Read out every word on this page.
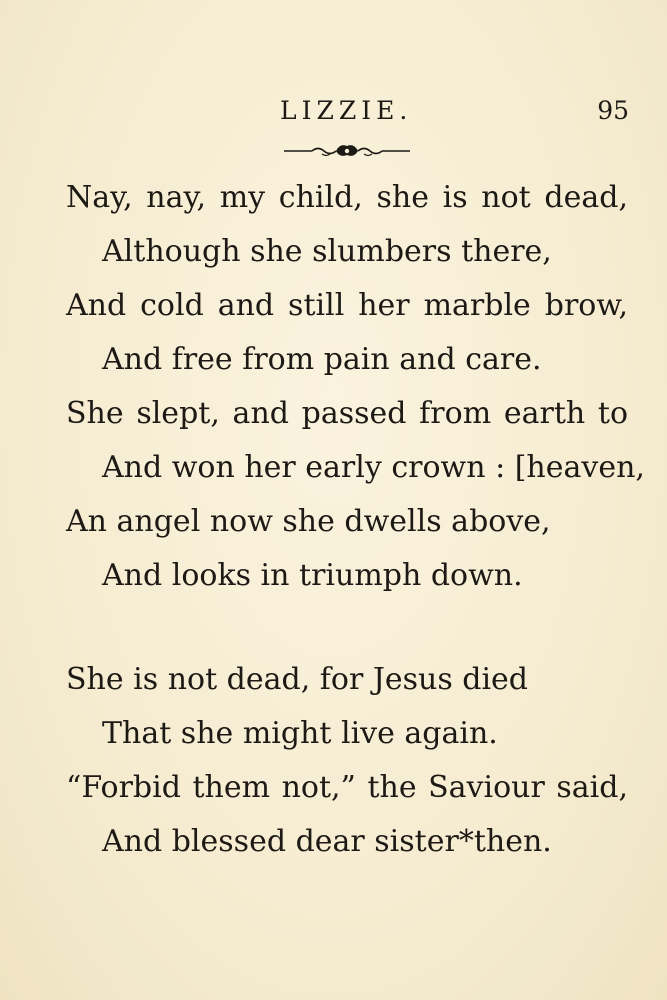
LIZZIE.	95
Nay, nay, my child, she is not dead,
Although she slumbers there,
And cold and still her marble brow,
And free from pain and care.
She slept, and passed from earth to
And won her early crown : [heaven,
An angel now she dwells above,
And looks in triumph down.
She is not dead, for Jesus died
That she might live again.
“Forbid them not,” the Saviour said,
And blessed dear sister*then.
